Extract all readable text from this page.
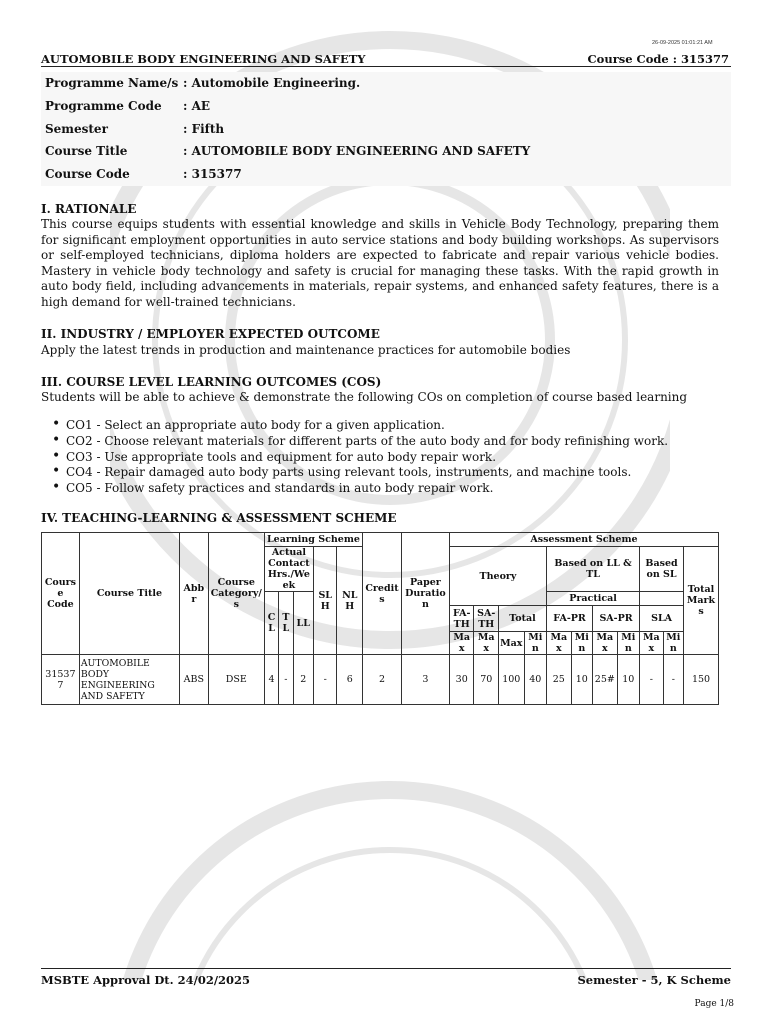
26-09-2025 01:01:21 AM
AUTOMOBILE BODY ENGINEERING AND SAFETY	Course Code : 315377
Programme Name/s : Automobile Engineering.
Programme Code : AE
Semester	: Fifth
Course Title	: AUTOMOBILE BODY ENGINEERING AND SAFETY
Course Code	: 315377
I. RATIONALE
This course equips students with essential knowledge and skills in Vehicle Body Technology, preparing them for significant employment opportunities in auto service stations and body building workshops. As supervisors or self-employed technicians, diploma holders are expected to fabricate and repair various vehicle bodies. Mastery in vehicle body technology and safety is crucial for managing these tasks. With the rapid growth in auto body field, including advancements in materials, repair systems, and enhanced safety features, there is a high demand for well-trained technicians.
II. INDUSTRY / EMPLOYER EXPECTED OUTCOME
Apply the latest trends in production and maintenance practices for automobile bodies
III. COURSE LEVEL LEARNING OUTCOMES (COS)
Students will be able to achieve & demonstrate the following COs on completion of course based learning
• CO1 - Select an appropriate auto body for a given application.
• CO2 - Choose relevant materials for different parts of the auto body and for body refinishing work.
• CO3 - Use appropriate tools and equipment for auto body repair work.
• CO4 - Repair damaged auto body parts using relevant tools, instruments, and machine tools.
• CO5 - Follow safety practices and standards in auto body repair work.
IV. TEACHING-LEARNING & ASSESSMENT SCHEME
Course Code	Course Title	Abbr	Course Category/s	Learning Scheme					Credits	Paper Duration	Assessment Scheme										
				Actual Contact Hrs./Week			SLH	NLH			Theory				Based on LL & TL				Based on SL		Total Marks
				CL	TL	LL									Practical						
											FA-TH	SA-TH	Total		FA-PR		SA-PR		SLA		
											Max	Max	Max	Min	Max	Min	Max	Min	Max	Min	
315377	AUTOMOBILE BODY ENGINEERING AND SAFETY	ABS	DSE	4	-	2	-	6	2	3	30	70	100	40	25	10	25#	10	-	-	150
MSBTE Approval Dt. 24/02/2025	Semester - 5, K Scheme
Page 1/8
